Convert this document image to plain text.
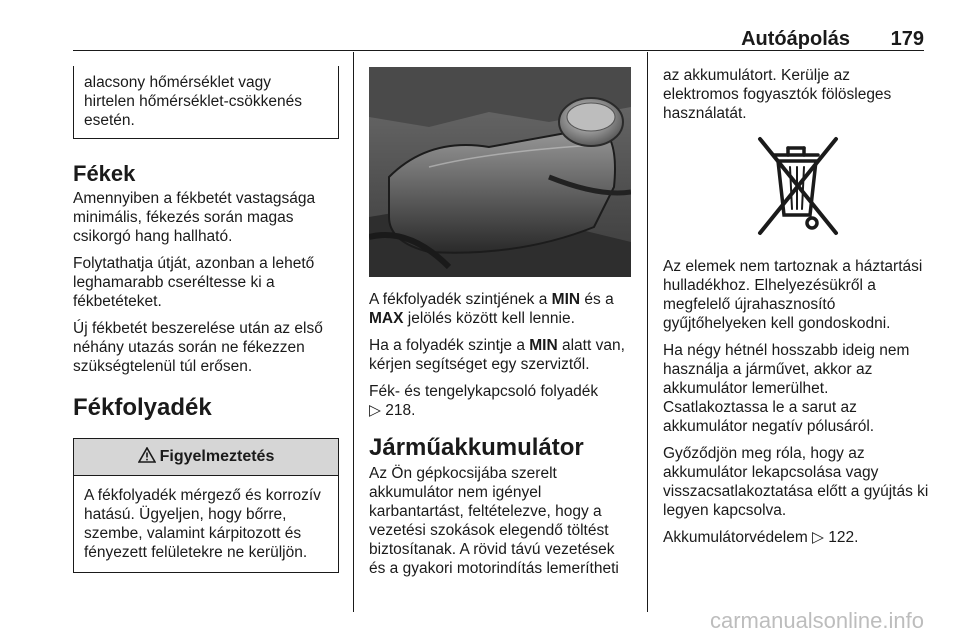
Autóápolás 179
alacsony hőmérséklet vagy hirtelen hőmérséklet-csökkenés esetén.
Fékek

Amennyiben a fékbetét vastagsága minimális, fékezés során magas csikorgó hang hallható.

Folytathatja útját, azonban a lehető leghamarabb cseréltesse ki a fékbetéteket.

Új fékbetét beszerelése után az első néhány utazás során ne fékezzen szükségtelenül túl erősen.

Fékfolyadék
Figyelmeztetés
A fékfolyadék mérgező és korrozív hatású. Ügyeljen, hogy bőrre, szembe, valamint kárpitozott és fényezett felületekre ne kerüljön.

A fékfolyadék szintjének a MIN és a MAX jelölés között kell lennie.

Ha a folyadék szintje a MIN alatt van, kérjen segítséget egy szerviztől.

Fék- és tengelykapcsoló folyadék
▷ 218.

Járműakkumulátor

Az Ön gépkocsijába szerelt akkumulátor nem igényel karbantartást, feltételezve, hogy a vezetési szokások elegendő töltést biztosítanak. A rövid távú vezetések és a gyakori motorindítás lemerítheti

az akkumulátort. Kerülje az elektromos fogyasztók fölösleges használatát.

Az elemek nem tartoznak a háztartási hulladékhoz. Elhelyezésükről a megfelelő újrahasznosító gyűjtőhelyeken kell gondoskodni.

Ha négy hétnél hosszabb ideig nem használja a járművet, akkor az akkumulátor lemerülhet. Csatlakoztassa le a sarut az akkumulátor negatív pólusáról.

Győződjön meg róla, hogy az akkumulátor lekapcsolása vagy visszacsatlakoztatása előtt a gyújtás ki legyen kapcsolva.

Akkumulátorvédelem ▷ 122.

carmanualsonline.info
